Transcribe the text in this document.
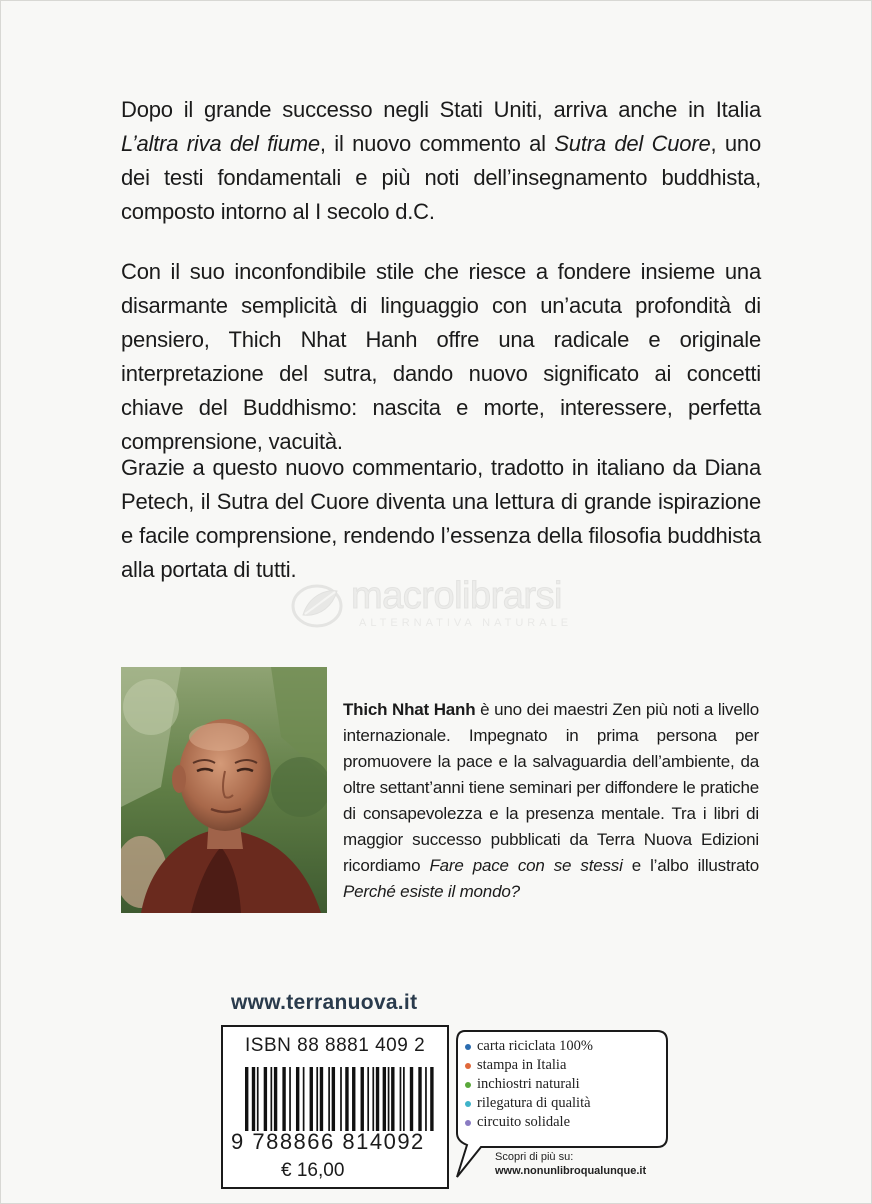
Dopo il grande successo negli Stati Uniti, arriva anche in Italia L’altra riva del fiume, il nuovo commento al Sutra del Cuore, uno dei testi fondamentali e più noti dell’insegnamento buddhista, composto intorno al I secolo d.C.

Con il suo inconfondibile stile che riesce a fondere insieme una disarmante semplicità di linguaggio con un’acuta profondità di pensiero, Thich Nhat Hanh offre una radicale e originale interpretazione del sutra, dando nuovo significato ai concetti chiave del Buddhismo: nascita e morte, interessere, perfetta comprensione, vacuità.

Grazie a questo nuovo commentario, tradotto in italiano da Diana Petech, il Sutra del Cuore diventa una lettura di grande ispirazione e facile comprensione, rendendo l’essenza della filosofia buddhista alla portata di tutti.

macrolibrarsi
ALTERNATIVA NATURALE

Thich Nhat Hanh è uno dei maestri Zen più noti a livello internazionale. Impegnato in prima persona per promuovere la pace e la salvaguardia dell’ambiente, da oltre settant’anni tiene seminari per diffondere le pratiche di consapevolezza e la presenza mentale. Tra i libri di maggior successo pubblicati da Terra Nuova Edizioni ricordiamo Fare pace con se stessi e l’albo illustrato Perché esiste il mondo?

www.terranuova.it
ISBN 88 8881 409 2
9 788866 814092
€ 16,00
carta riciclata 100%
stampa in Italia
inchiostri naturali
rilegatura di qualità
circuito solidale
Scopri di più su:
www.nonunlibroqualunque.it
